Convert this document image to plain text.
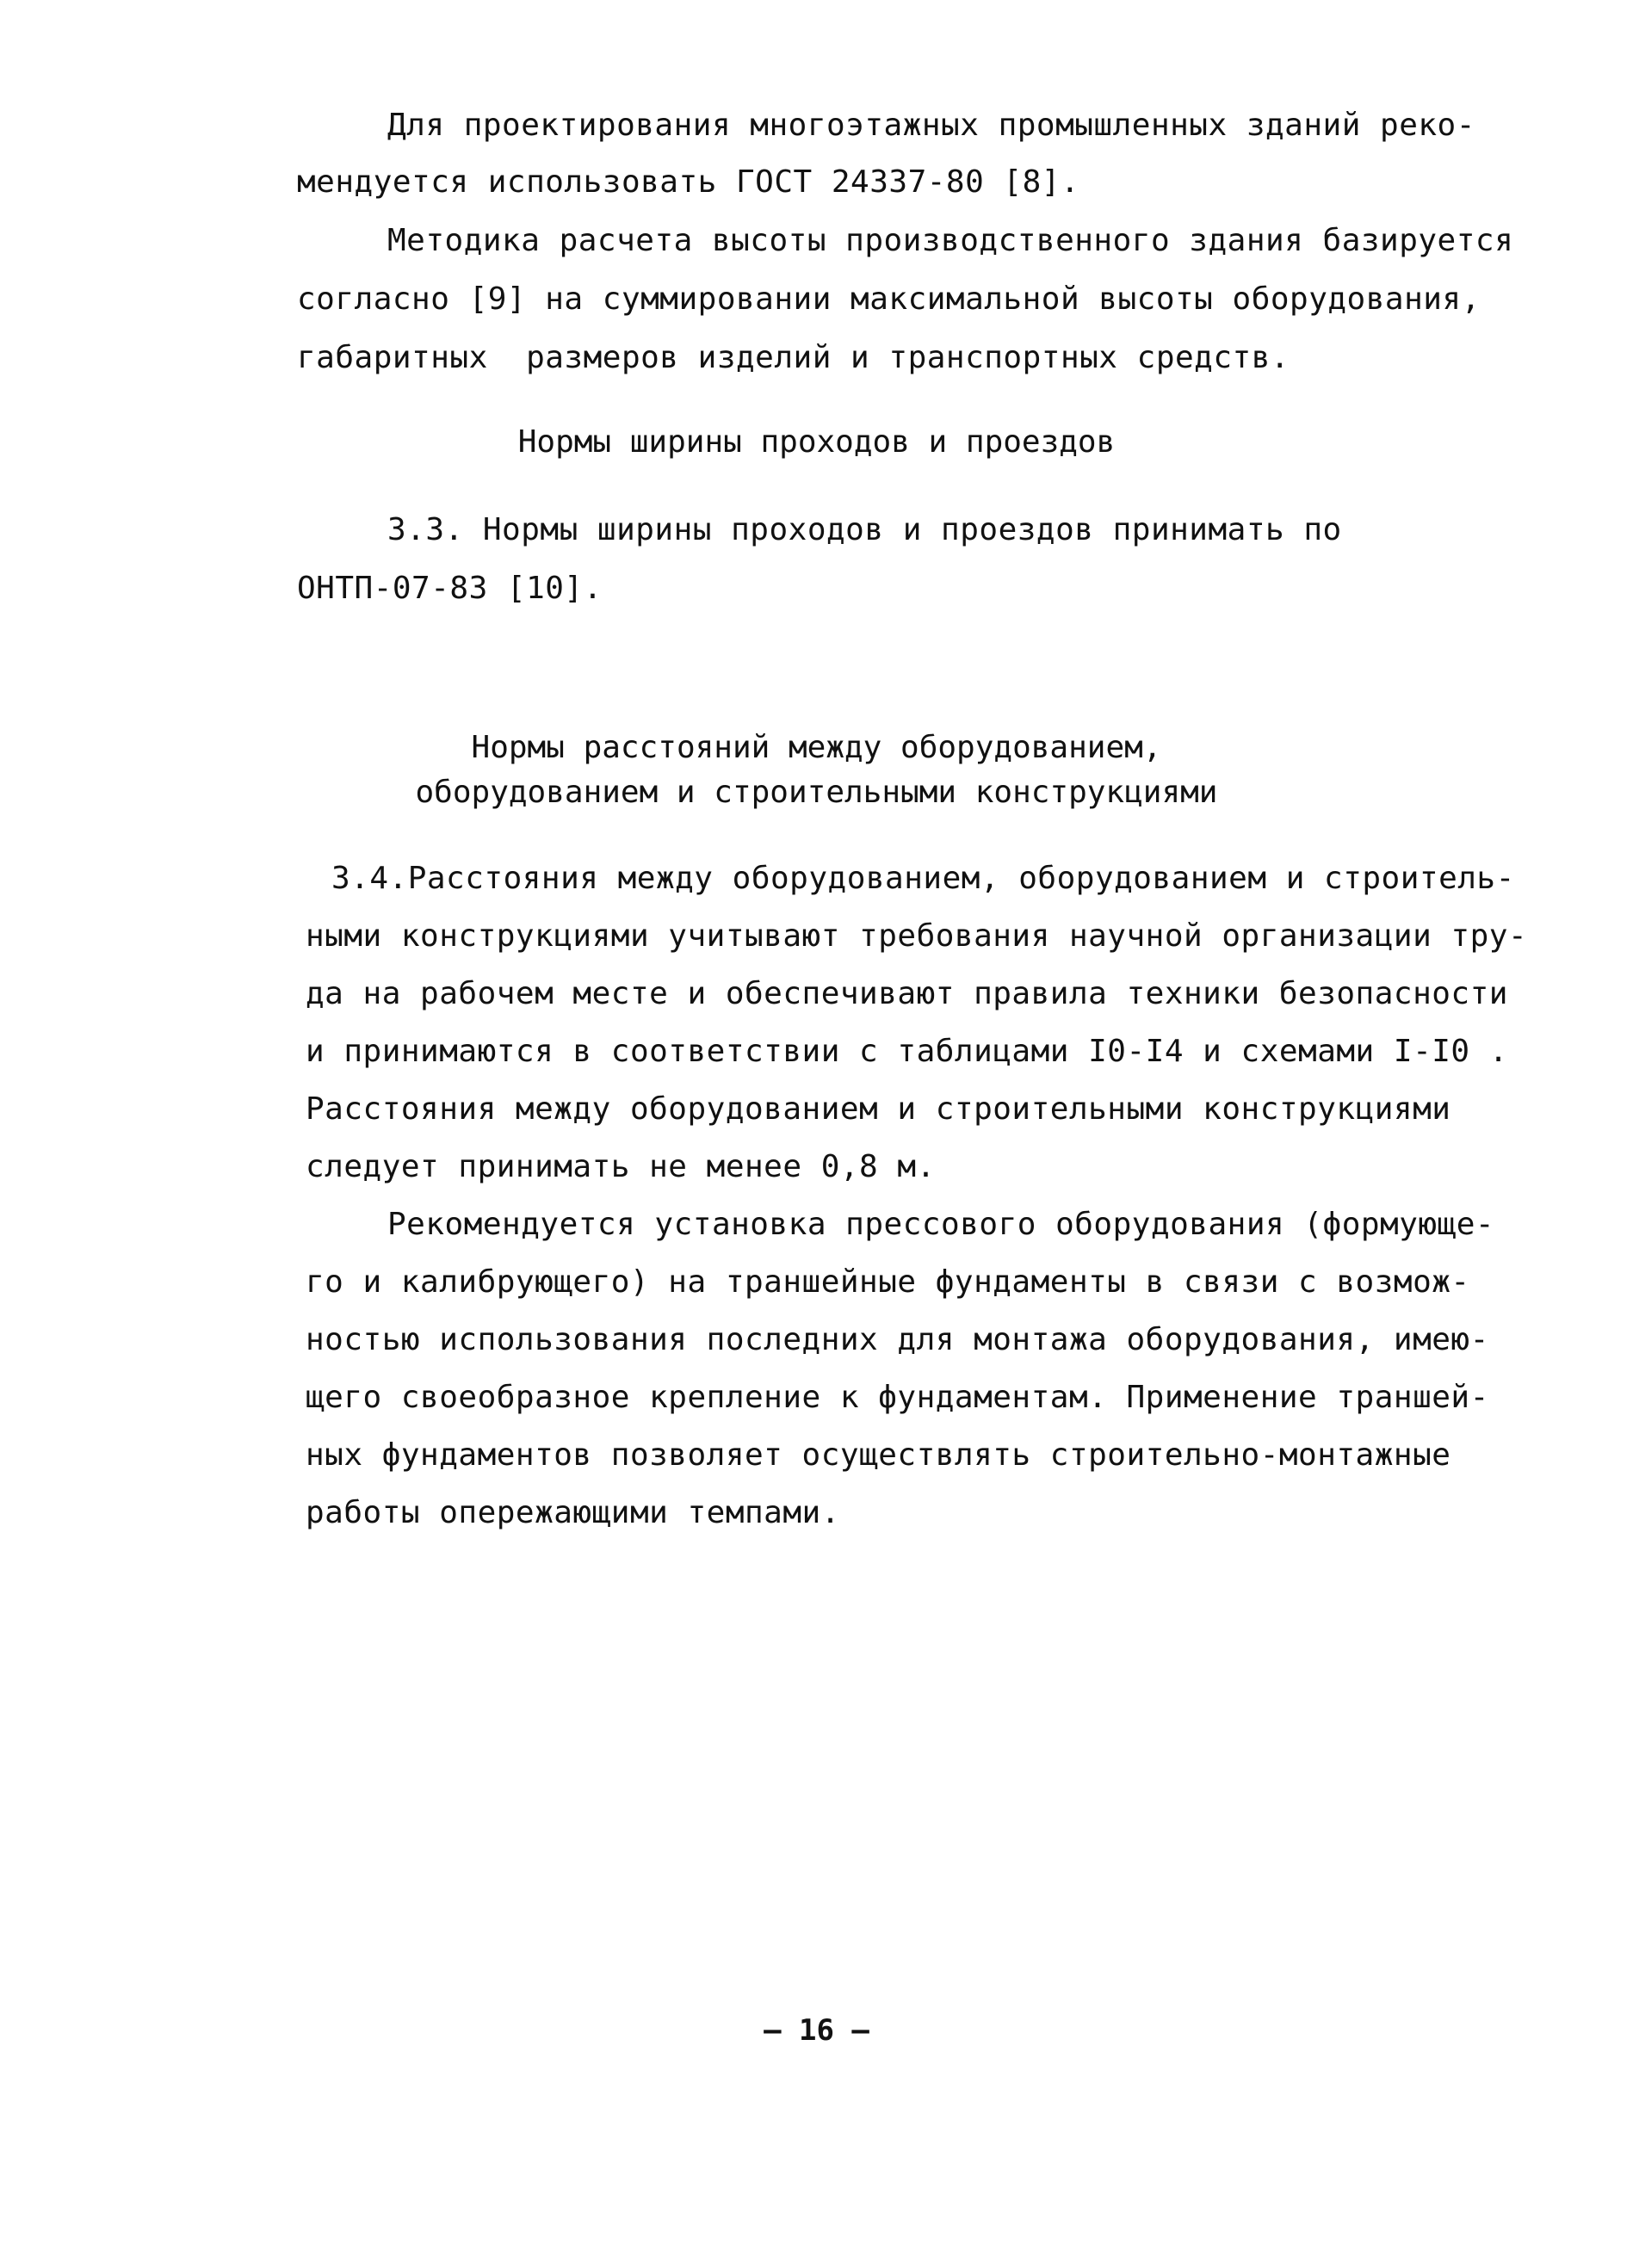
Для проектирования многоэтажных промышленных зданий реко-
мендуется использовать ГОСТ 24337-80 [8].
Методика расчета высоты производственного здания базируется
согласно [9] на суммировании максимальной высоты оборудования,
габаритных  размеров изделий и транспортных средств.
Нормы ширины проходов и проездов
3.3. Нормы ширины проходов и проездов принимать по
ОНТП-07-83 [10].
Нормы расстояний между оборудованием,
оборудованием и строительными конструкциями
3.4.Расстояния между оборудованием, оборудованием и строитель-
ными конструкциями учитывают требования научной организации тру-
да на рабочем месте и обеспечивают правила техники безопасности
и принимаются в соответствии с таблицами I0-I4 и схемами I-I0 .
Расстояния между оборудованием и строительными конструкциями
следует принимать не менее 0,8 м.
Рекомендуется установка прессового оборудования (формующе-
го и калибрующего) на траншейные фундаменты в связи с возмож-
ностью использования последних для монтажа оборудования, имею-
щего своеобразное крепление к фундаментам. Применение траншей-
ных фундаментов позволяет осуществлять строительно-монтажные
работы опережающими темпами.
— 16 —
